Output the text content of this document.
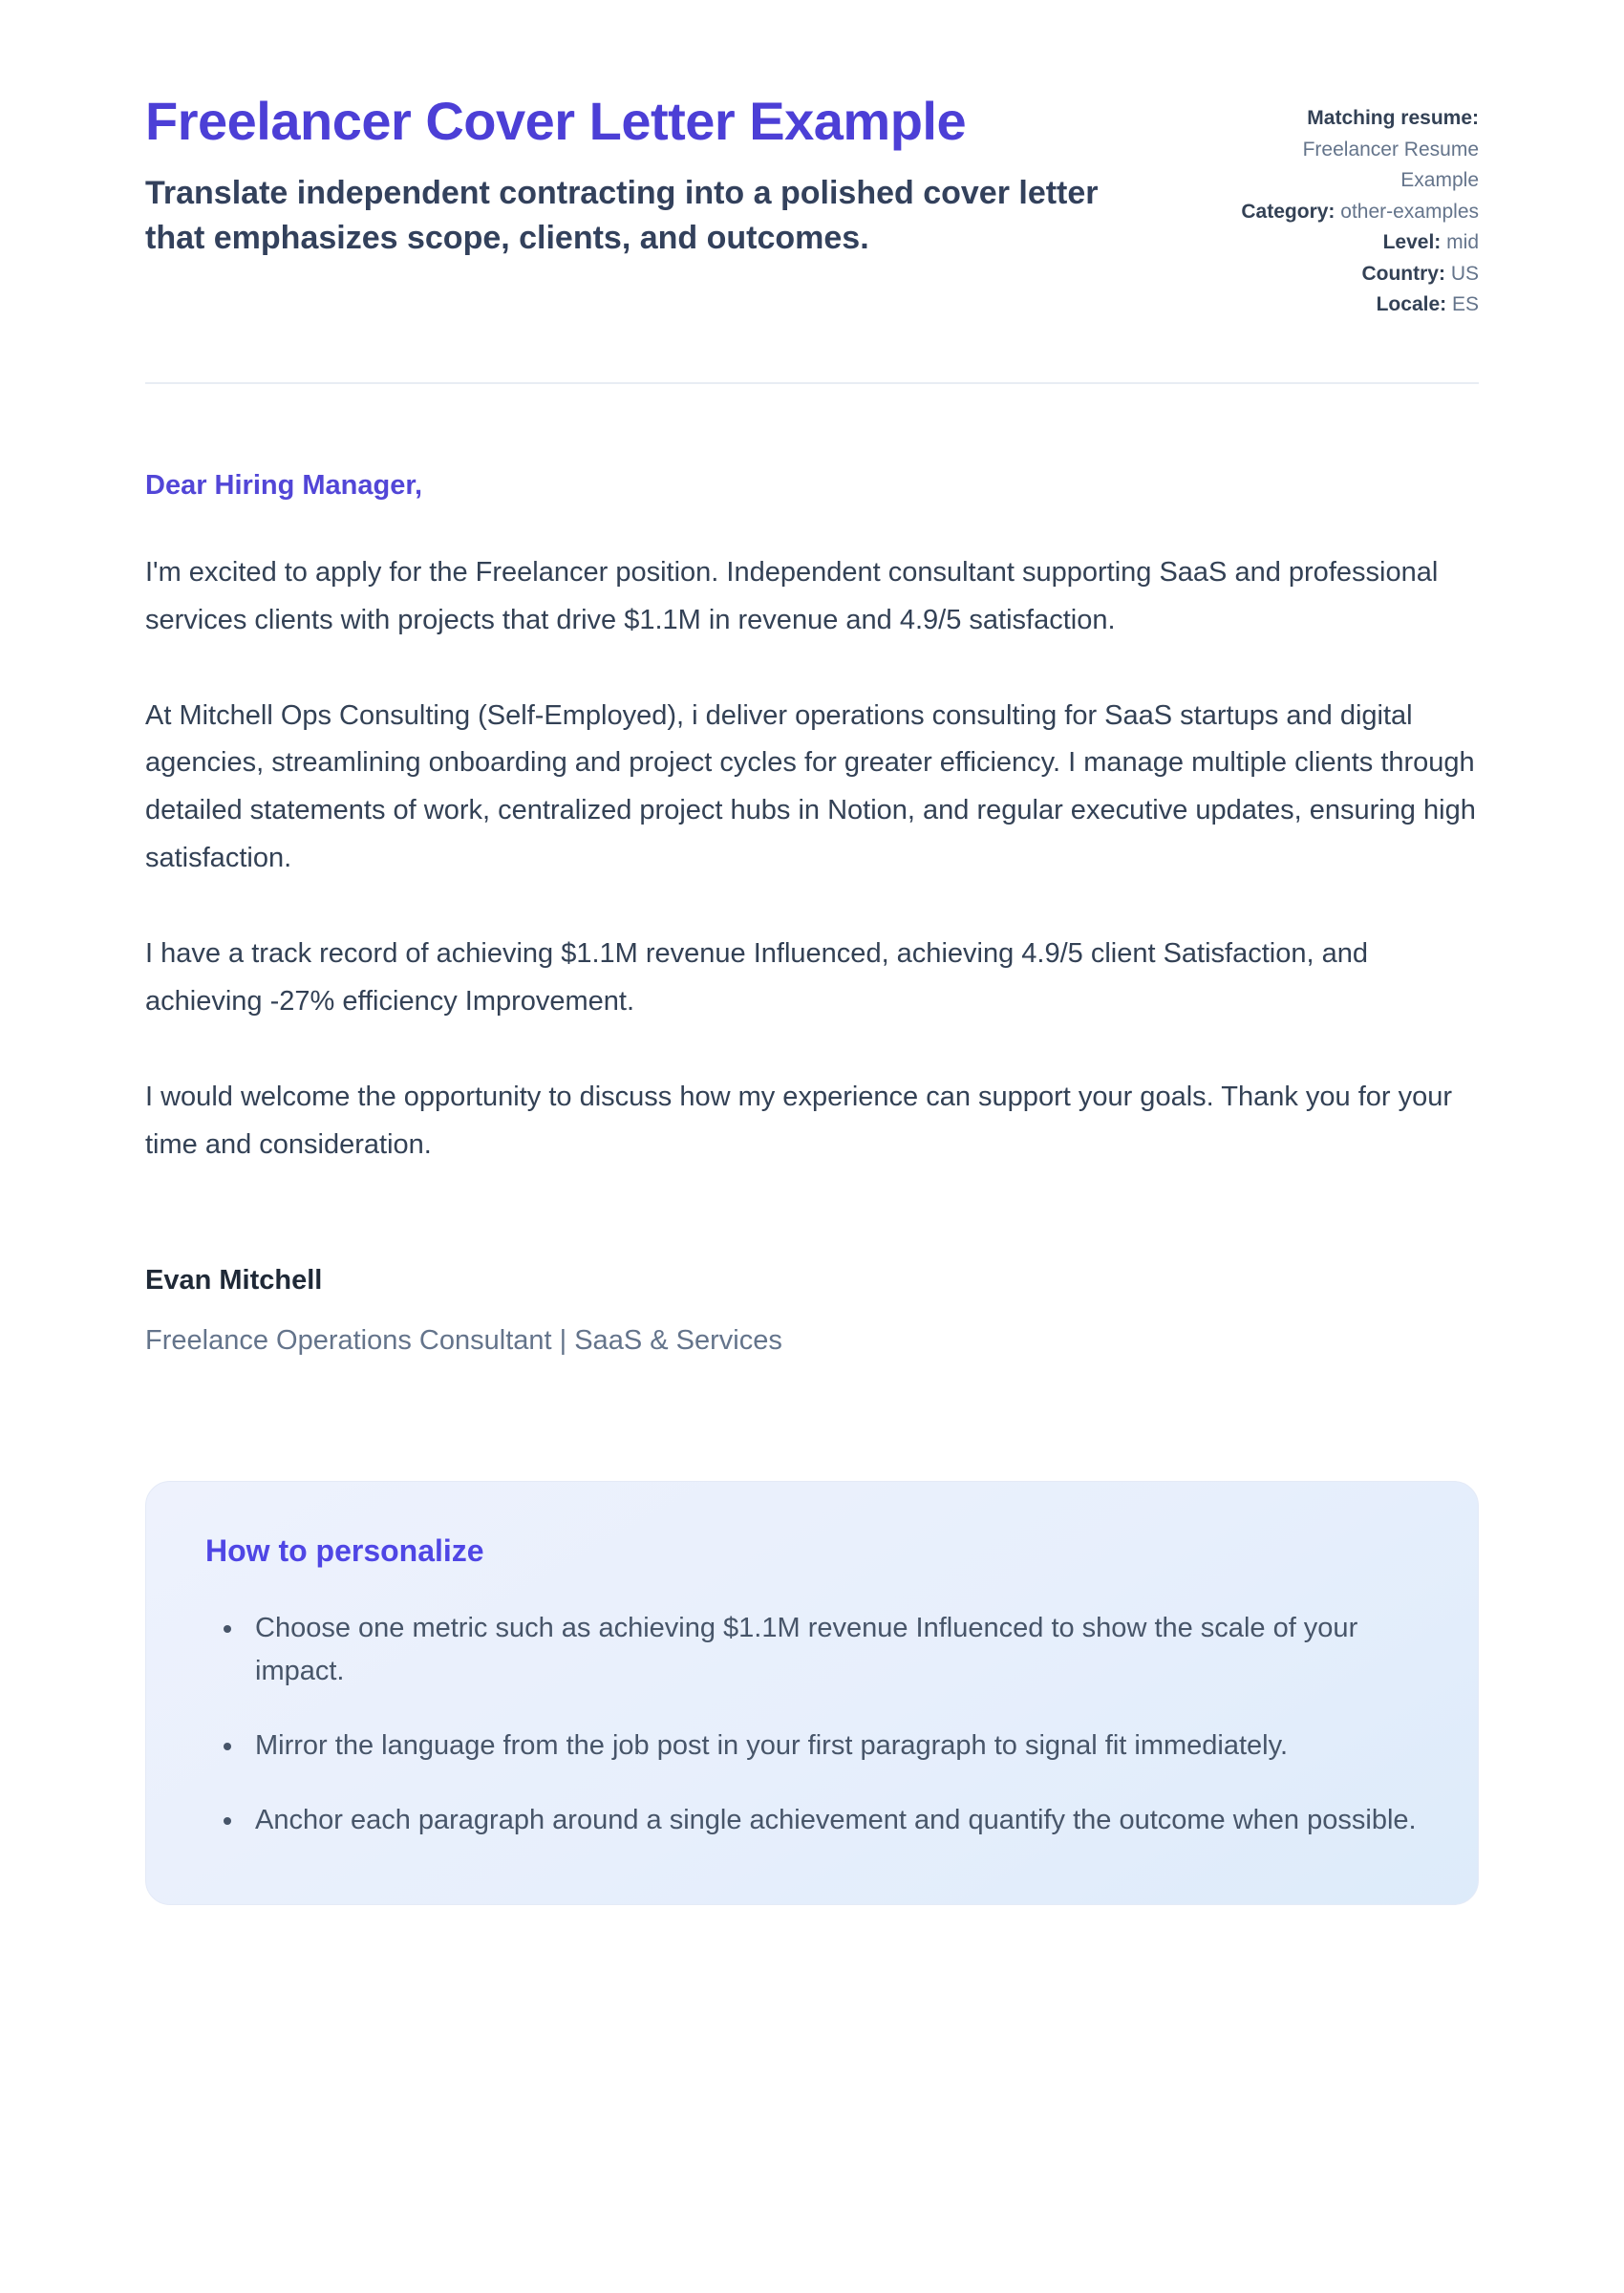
Freelancer Cover Letter Example
Translate independent contracting into a polished cover letter that emphasizes scope, clients, and outcomes.
Matching resume: Freelancer Resume Example
Category: other-examples
Level: mid
Country: US
Locale: ES
Dear Hiring Manager,

I'm excited to apply for the Freelancer position. Independent consultant supporting SaaS and professional services clients with projects that drive $1.1M in revenue and 4.9/5 satisfaction.

At Mitchell Ops Consulting (Self-Employed), i deliver operations consulting for SaaS startups and digital agencies, streamlining onboarding and project cycles for greater efficiency. I manage multiple clients through detailed statements of work, centralized project hubs in Notion, and regular executive updates, ensuring high satisfaction.

I have a track record of achieving $1.1M revenue Influenced, achieving 4.9/5 client Satisfaction, and achieving -27% efficiency Improvement.

I would welcome the opportunity to discuss how my experience can support your goals. Thank you for your time and consideration.

Evan Mitchell
Freelance Operations Consultant | SaaS & Services
How to personalize
• Choose one metric such as achieving $1.1M revenue Influenced to show the scale of your impact.
• Mirror the language from the job post in your first paragraph to signal fit immediately.
• Anchor each paragraph around a single achievement and quantify the outcome when possible.
